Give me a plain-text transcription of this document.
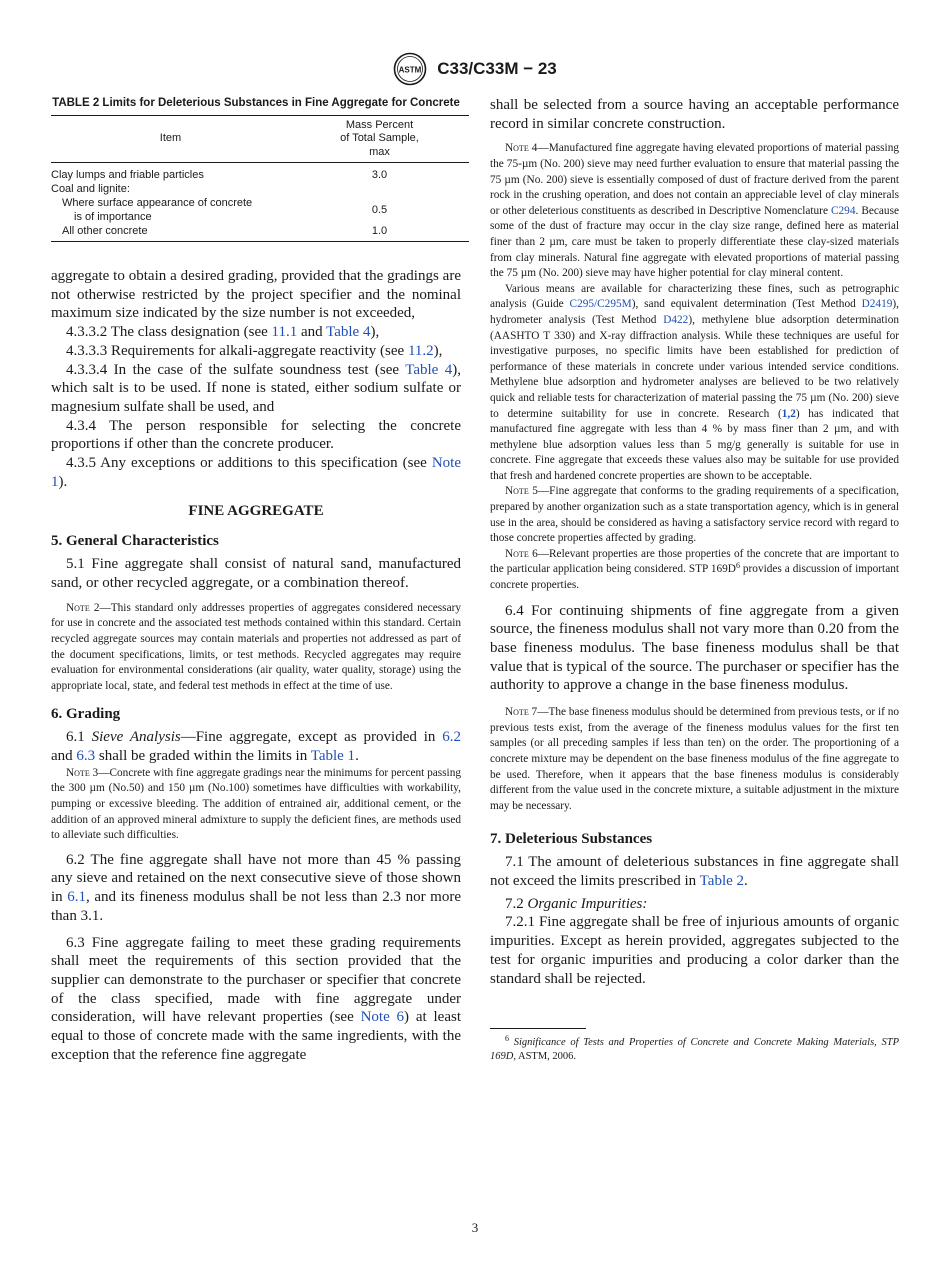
ASTM C33/C33M − 23

TABLE 2 Limits for Deleterious Substances in Fine Aggregate for Concrete

Item	Mass Percent
of Total Sample,
max
Clay lumps and friable particles	3.0
Coal and lignite:	
Where surface appearance of concrete
is of importance	0.5
All other concrete	1.0

aggregate to obtain a desired grading, provided that the gradings are not otherwise restricted by the project specifier and the nominal maximum size indicated by the size number is not exceeded,

4.3.3.2 The class designation (see 11.1 and Table 4),

4.3.3.3 Requirements for alkali-aggregate reactivity (see 11.2),

4.3.3.4 In the case of the sulfate soundness test (see Table 4), which salt is to be used. If none is stated, either sodium sulfate or magnesium sulfate shall be used, and

4.3.4 The person responsible for selecting the concrete proportions if other than the concrete producer.

4.3.5 Any exceptions or additions to this specification (see Note 1).

FINE AGGREGATE

5. General Characteristics

5.1 Fine aggregate shall consist of natural sand, manufactured sand, or other recycled aggregate, or a combination thereof.

Note 2—This standard only addresses properties of aggregates considered necessary for use in concrete and the associated test methods contained within this standard. Certain recycled aggregate sources may contain materials and properties not addressed as part of the document specifications, limits, or test methods. Recycled aggregates may require evaluation for environmental considerations (air quality, water quality, storage) using the appropriate local, state, and federal test methods in effect at the time of use.

6. Grading

6.1 Sieve Analysis—Fine aggregate, except as provided in 6.2 and 6.3 shall be graded within the limits in Table 1.

Note 3—Concrete with fine aggregate gradings near the minimums for percent passing the 300 µm (No.50) and 150 µm (No.100) sometimes have difficulties with workability, pumping or excessive bleeding. The addition of entrained air, additional cement, or the addition of an approved mineral admixture to supply the deficient fines, are methods used to alleviate such difficulties.

6.2 The fine aggregate shall have not more than 45 % passing any sieve and retained on the next consecutive sieve of those shown in 6.1, and its fineness modulus shall be not less than 2.3 nor more than 3.1.

6.3 Fine aggregate failing to meet these grading requirements shall meet the requirements of this section provided that the supplier can demonstrate to the purchaser or specifier that concrete of the class specified, made with fine aggregate under consideration, will have relevant properties (see Note 6) at least equal to those of concrete made with the same ingredients, with the exception that the reference fine aggregate

shall be selected from a source having an acceptable performance record in similar concrete construction.

Note 4—Manufactured fine aggregate having elevated proportions of material passing the 75-µm (No. 200) sieve may need further evaluation to ensure that material passing the 75 µm (No. 200) sieve is essentially composed of dust of fracture derived from the parent rock in the crushing operation, and does not contain an appreciable level of clay minerals or other deleterious constituents as described in Descriptive Nomenclature C294. Because some of the dust of fracture may occur in the clay size range, defined here as material finer than 2 µm, care must be taken to properly differentiate these clay-sized materials from clay minerals. Natural fine aggregate with elevated proportions of material passing the 75 µm (No. 200) sieve may have higher potential for clay mineral content.

Various means are available for characterizing these fines, such as petrographic analysis (Guide C295/C295M), sand equivalent determination (Test Method D2419), hydrometer analysis (Test Method D422), methylene blue adsorption determination (AASHTO T 330) and X-ray diffraction analysis. While these techniques are useful for investigative purposes, no specific limits have been established for prediction of performance of these materials in concrete under various intended service conditions. Methylene blue adsorption and hydrometer analyses are believed to be two relatively quick and reliable tests for characterization of material passing the 75 µm (No. 200) sieve to determine suitability for use in concrete. Research (1,2) has indicated that manufactured fine aggregate with less than 4 % by mass finer than 2 µm, and with methylene blue adsorption values less than 5 mg/g generally is suitable for use in concrete. Fine aggregate that exceeds these values also may be suitable for use provided that fresh and hardened concrete properties are shown to be acceptable.

Note 5—Fine aggregate that conforms to the grading requirements of a specification, prepared by another organization such as a state transportation agency, which is in general use in the area, should be considered as having a satisfactory service record with regard to those concrete properties affected by grading.

Note 6—Relevant properties are those properties of the concrete that are important to the particular application being considered. STP $169D^6$ provides a discussion of important concrete properties.

6.4 For continuing shipments of fine aggregate from a given source, the fineness modulus shall not vary more than 0.20 from the base fineness modulus. The base fineness modulus shall be that value that is typical of the source. The purchaser or specifier has the authority to approve a change in the base fineness modulus.

Note 7—The base fineness modulus should be determined from previous tests, or if no previous tests exist, from the average of the fineness modulus values for the first ten samples (or all preceding samples if less than ten) on the order. The proportioning of a concrete mixture may be dependent on the base fineness modulus of the fine aggregate to be used. Therefore, when it appears that the base fineness modulus is considerably different from the value used in the concrete mixture, a suitable adjustment in the mixture may be necessary.

7. Deleterious Substances

7.1 The amount of deleterious substances in fine aggregate shall not exceed the limits prescribed in Table 2.

7.2 Organic Impurities:

7.2.1 Fine aggregate shall be free of injurious amounts of organic impurities. Except as herein provided, aggregates subjected to the test for organic impurities and producing a color darker than the standard shall be rejected.

$^6$ Significance of Tests and Properties of Concrete and Concrete Making Materials, STP 169D, ASTM, 2006.

3
